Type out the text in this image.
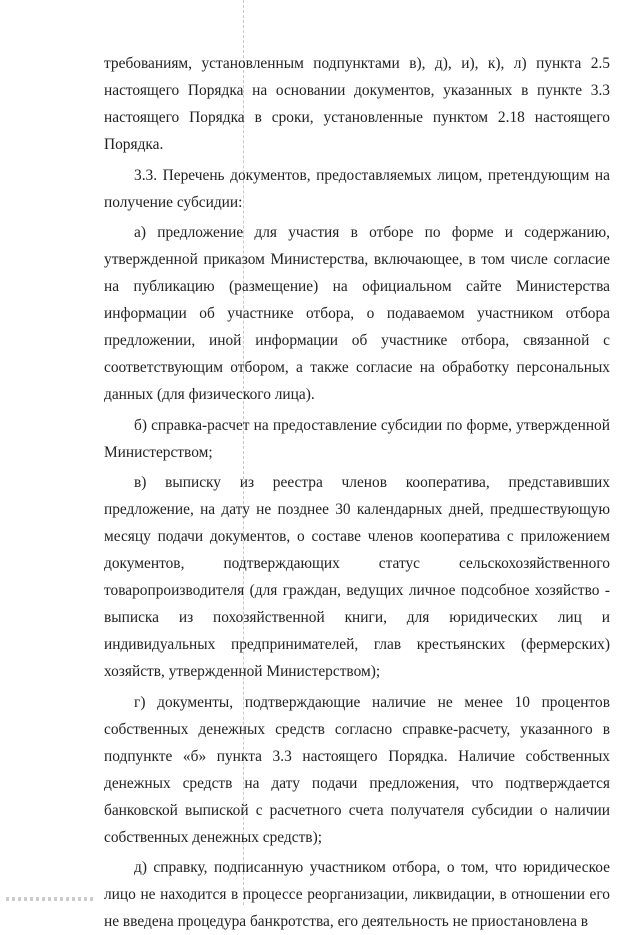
требованиям, установленным подпунктами в), д), и), к), л) пункта 2.5 настоящего Порядка на основании документов, указанных в пункте 3.3 настоящего Порядка в сроки, установленные пунктом 2.18 настоящего Порядка.

3.3. Перечень документов, предоставляемых лицом, претендующим на получение субсидии:

а) предложение для участия в отборе по форме и содержанию, утвержденной приказом Министерства, включающее, в том числе согласие на публикацию (размещение) на официальном сайте Министерства информации об участнике отбора, о подаваемом участником отбора предложении, иной информации об участнике отбора, связанной с соответствующим отбором, а также согласие на обработку персональных данных (для физического лица).

б) справка-расчет на предоставление субсидии по форме, утвержденной Министерством;

в) выписку из реестра членов кооператива, представивших предложение, на дату не позднее 30 календарных дней, предшествующую месяцу подачи документов, о составе членов кооператива с приложением документов, подтверждающих статус сельскохозяйственного товаропроизводителя (для граждан, ведущих личное подсобное хозяйство - выписка из похозяйственной книги, для юридических лиц и индивидуальных предпринимателей, глав крестьянских (фермерских) хозяйств, утвержденной Министерством);

г) документы, подтверждающие наличие не менее 10 процентов собственных денежных средств согласно справке-расчету, указанного в подпункте «б» пункта 3.3 настоящего Порядка. Наличие собственных денежных средств на дату подачи предложения, что подтверждается банковской выпиской с расчетного счета получателя субсидии о наличии собственных денежных средств);

д) справку, подписанную участником отбора, о том, что юридическое лицо не находится в процессе реорганизации, ликвидации, в отношении его не введена процедура банкротства, его деятельность не приостановлена в
